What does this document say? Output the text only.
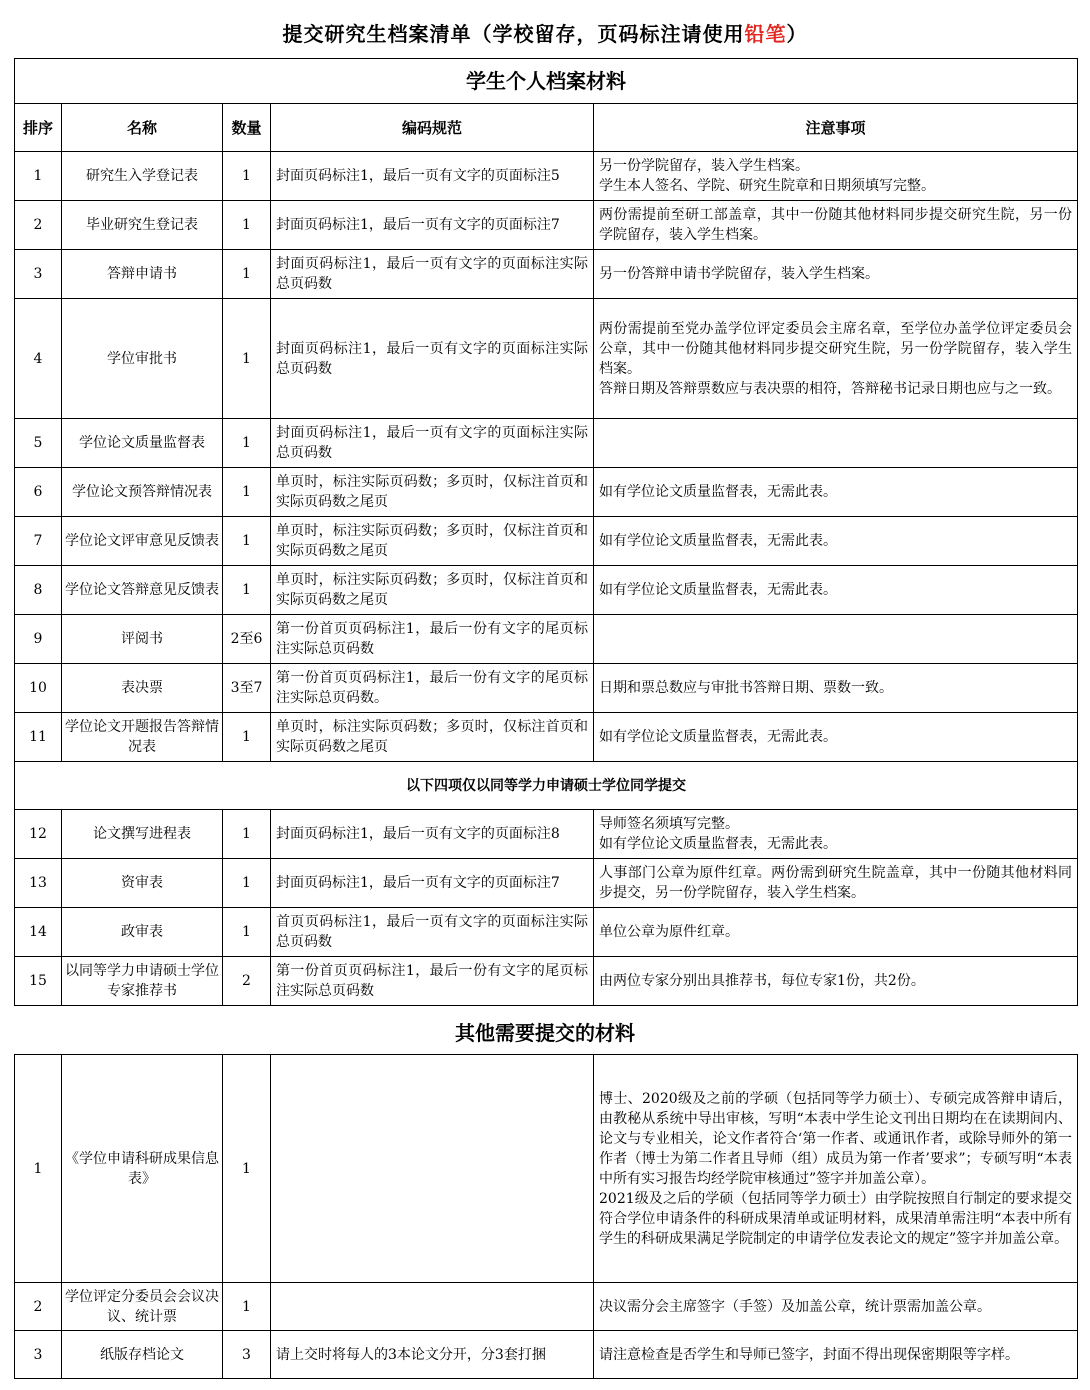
提交研究生档案清单（学校留存，页码标注请使用铅笔）
学生个人档案材料				
排序	名称	数量	编码规范	注意事项
1	研究生入学登记表	1	封面页码标注1，最后一页有文字的页面标注5	另一份学院留存，装入学生档案。
学生本人签名、学院、研究生院章和日期须填写完整。

2	毕业研究生登记表	1	封面页码标注1，最后一页有文字的页面标注7	两份需提前至研工部盖章，其中一份随其他材料同步提交研究生院，另一份学院留存，装入学生档案。

3	答辩申请书	1	封面页码标注1，最后一页有文字的页面标注实际总页码数	另一份答辩申请书学院留存，装入学生档案。

4	学位审批书	1	封面页码标注1，最后一页有文字的页面标注实际总页码数	两份需提前至党办盖学位评定委员会主席名章，至学位办盖学位评定委员会公章，其中一份随其他材料同步提交研究生院，另一份学院留存，装入学生档案。
答辩日期及答辩票数应与表决票的相符，答辩秘书记录日期也应与之一致。

5	学位论文质量监督表	1	封面页码标注1，最后一页有文字的页面标注实际总页码数	
6	学位论文预答辩情况表	1	单页时，标注实际页码数；多页时，仅标注首页和实际页码数之尾页	如有学位论文质量监督表，无需此表。

7	学位论文评审意见反馈表	1	单页时，标注实际页码数；多页时，仅标注首页和实际页码数之尾页	如有学位论文质量监督表，无需此表。

8	学位论文答辩意见反馈表	1	单页时，标注实际页码数；多页时，仅标注首页和实际页码数之尾页	如有学位论文质量监督表，无需此表。

9	评阅书	2至6	第一份首页页码标注1，最后一份有文字的尾页标注实际总页码数	
10	表决票	3至7	第一份首页页码标注1，最后一份有文字的尾页标注实际总页码数。	日期和票总数应与审批书答辩日期、票数一致。

11	学位论文开题报告答辩情况表	1	单页时，标注实际页码数；多页时，仅标注首页和实际页码数之尾页	如有学位论文质量监督表，无需此表。

以下四项仅以同等学力申请硕士学位同学提交				
12	论文撰写进程表	1	封面页码标注1，最后一页有文字的页面标注8	导师签名须填写完整。
如有学位论文质量监督表，无需此表。

13	资审表	1	封面页码标注1，最后一页有文字的页面标注7	人事部门公章为原件红章。两份需到研究生院盖章，其中一份随其他材料同步提交，另一份学院留存，装入学生档案。

14	政审表	1	首页页码标注1，最后一页有文字的页面标注实际总页码数	单位公章为原件红章。

15	以同等学力申请硕士学位专家推荐书	2	第一份首页页码标注1，最后一份有文字的尾页标注实际总页码数	由两位专家分别出具推荐书，每位专家1份，共2份。
其他需要提交的材料
1	《学位申请科研成果信息表》	1		博士、2020级及之前的学硕（包括同等学力硕士）、专硕完成答辩申请后，由教秘从系统中导出审核，写明“本表中学生论文刊出日期均在在读期间内、论文与专业相关，论文作者符合‘第一作者、或通讯作者，或除导师外的第一作者（博士为第二作者且导师（组）成员为第一作者’要求”；专硕写明“本表中所有实习报告均经学院审核通过”签字并加盖公章）。
2021级及之后的学硕（包括同等学力硕士）由学院按照自行制定的要求提交符合学位申请条件的科研成果清单或证明材料，成果清单需注明“本表中所有学生的科研成果满足学院制定的申请学位发表论文的规定”签字并加盖公章。

2	学位评定分委员会会议决议、统计票	1		决议需分会主席签字（手签）及加盖公章，统计票需加盖公章。

3	纸版存档论文	3	请上交时将每人的3本论文分开，分3套打捆	请注意检查是否学生和导师已签字，封面不得出现保密期限等字样。
